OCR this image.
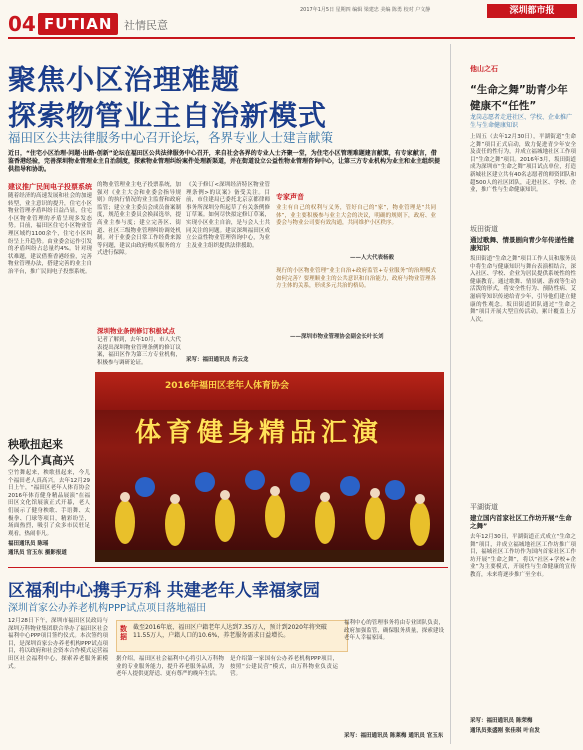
04 FUTIAN 社情民意
2017年1月5日 星期四 编辑 梁建忠 美编 陈勇 校对 户文静	深圳都市报
聚焦小区治理难题
探索物管业主自治新模式
福田区公共法律服务中心召开论坛，各界专业人士建言献策
近日，“住宅小区治理·问题·出路·创新”论坛在福田区公共法律服务中心召开，来自社会各界的专业人士齐聚一堂，为住宅小区管理难题建言献策，有专家献言，借鉴香港经验，完善深圳物业管理业主自治制度，探索物业管理纠纷案件处理新渠道，并在街道设立公益性物业管理咨询中心，让第三方专业机构为业主和业主组织提供指导和协助。
建议推广民间电子投票系统
随着经济的高速发展和社会的加速转型，业主意识的提升，住宅小区物业管理矛盾纠纷日益凸显，住宅小区物业管理的矛盾呈现多发态势。目前，福田区住宅小区物业管理区域约1100余个，住宅小区纠纷呈上升趋势。由业委会运作引发的矛盾纠纷占总量约4%。针对现状难题，建议借鉴香港经验，完善物业管理办法，搭建完善的业主自治平台，推广民间电子投票系统。
的物业管理业主电子投票系统，加强对《业主大会和业委会指导规则》的执行情况的业主监督和政府监管；建立业主委员会成员备案制度，规范业主委员会换届选举，提高业主参与度；建立完善区、街道、社区三级物业管理纠纷调处机制。对于业委会日常工作经费来源等问题，建议由政府购买服务的方式进行保障。
深圳物业条例修订积极试点
记者了解到，去年10月，市人大代表提出深圳物业管理条例的修订议案，福田区作为第三方专业机构，积极参与调研论证。
《关于修订<深圳经济特区物业管理条例>的议案》备受关注。目前，市住建局已委托北京京都律师事务所深圳分所起草了有关条例修订草案。如何尽快拟定修订草案，实现小区业主自治，是与会人士共同关注的问题。建议深圳福田区成立公益性物业管理咨询中心，为业主及业主组织提供法律援助。
采写：福田通讯员 肖云龙
专家声音
业主有自己的权利与义务，管好自己的“家”，物业管理是“共同体”，业主要积极参与业主大会的决议，明确的规则下，政府、业委会与物业公司要有效沟通，共同维护小区秩序。
——人大代表杨毅
现行的小区物业管理“业主自治+政府监管+专业服务”的治理模式如何完善？要理顺业主的公共意识和自治能力，政府与物业管理各方主体的关系，形成多元共治的格局。
——深圳市物业管理协会副会长叶长刘
秧歌扭起来
今儿个真高兴
空竹舞起来，秧歌扭起来，今儿个福田老人真高兴。去年12月29日上午，“福田区老年人体育协会2016年体育健身精品展演”在福田区文化馆展演正式开幕，老人们展示了健身秧歌、手语舞、太极拳、门球等项目，精彩纷呈，场面热烈，吸引了众多市民驻足观看，热闹非凡。
福田通讯员 陈瑶
通讯员 官玉东 摄影报道
2016年福田区老年人体育协会
体育健身精品汇演
区福利中心携手万科 共建老年人幸福家园
深圳首家公办养老机构PPP试点项目落地福田
12月28日下午，深圳市福田区民政局与深圳万科物业集团联合举办了福田区社会福利中心PPP项目签约仪式。本次签约项目，是深圳首家公办养老机构PPP试点项目，将以政府和社会资本合作模式运营福田区社会福利中心，探索养老服务新模式。
数据
截至2016年底，福田区户籍老年人达到7.35万人，预计到2020年将突破11.55万人，户籍人口的10.6%，养老服务需求日益增长。
据介绍，福田区社会福利中心将引入万科物业的专业服务能力，提升养老服务品质，为老年人提供更舒适、更有尊严的晚年生活。
是介绍第一家国有公办养老机构PPP项目，按照“公建民营”模式，由万科物业负责运营。
福利中心的管理事务将由专业团队负责，政府加强监管，确保服务质量，探索建设老年人幸福家园。
采写：福田通讯员 陈莱梅 通讯员 官玉东
他山之石
“生命之舞”助青少年
健康不“任性”
龙岗志愿者走进社区、学校、企业推广生与生命健康知识
上周五（去年12月30日），平湖街道“生命之舞”项目正式启动，致力促进青少年安全及责任的性行为，并成立福城地社区工作项目“生命之舞”项目。2016年3月，坂田街道成为深圳市“生命之舞”项目试点单位，打造新城社区建立共有40名志愿者的师资团队和超500人的社区团队，走进社区、学校、企业，推广性与生命健康知识。
坂田街道
通过歌舞、情景剧向青少年传递性健康知识
坂田街道“生命之舞”项目工作人员和服务员中将生命与健康知识与舞台表演相结合，深入社区、学校、企业为居民提供系统性的性健康教育。通过歌舞、情景剧、游戏等生动活泼的形式，将安全性行为、预防性病、艾滋病等知识传递给青少年，引导他们建立健康的性观念。坂田街道团队通过“生命之舞”项目开展大型宣传活动，累计覆盖上万人次。
平湖街道
建立国内首家社区工作坊开展“生命之舞”
去年12月30日，平湖街道正式成立“生命之舞”项目，并成立福城地社区工作坊推广项目，福城社区工作坊作为国内首家社区工作坊开展“生命之舞”，将以“社区+学校+企业”为主要模式，开展性与生命健康的宣传教育，未来将逐步推广至全市。
采写：福田通讯员 陈荣梅
通讯员张盛刚 张佳琪 叶自发
